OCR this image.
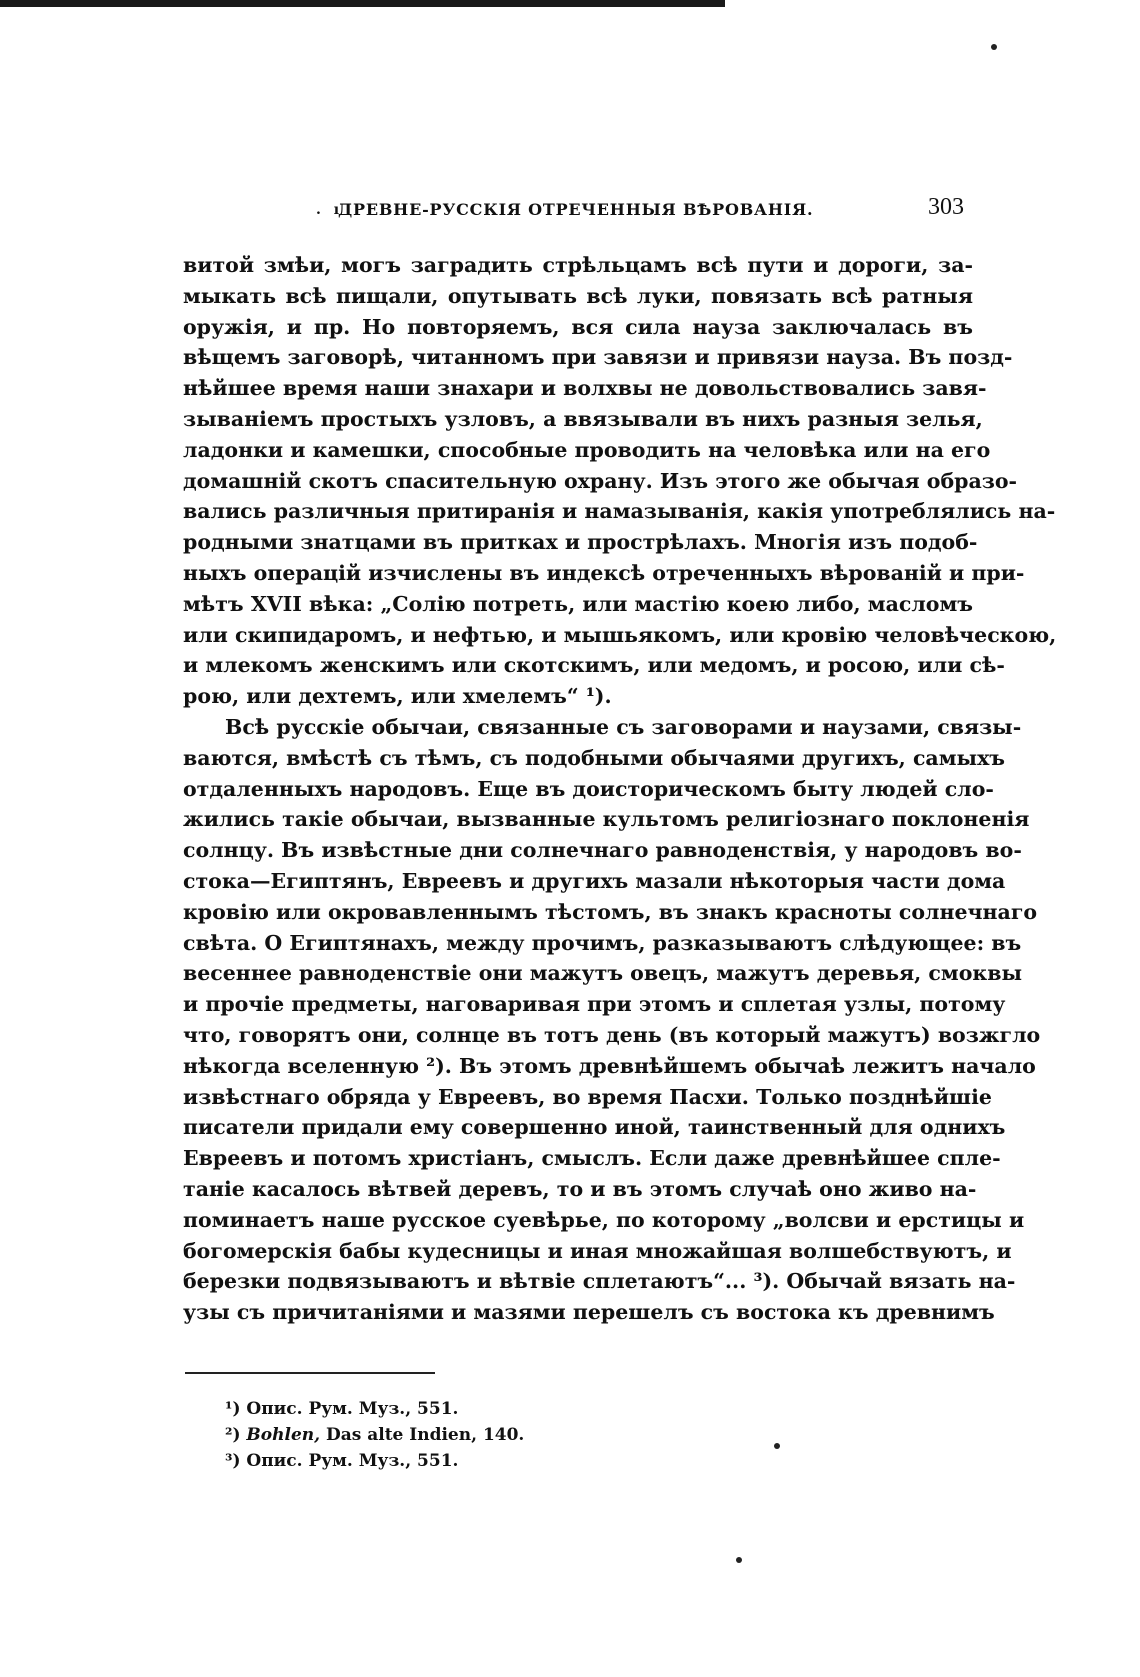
. ı
ДРЕВНЕ-РУССКІЯ ОТРЕЧЕННЫЯ ВѢРОВАНІЯ.	303
витой змѣи, могъ заградить стрѣльцамъ всѣ пути и дороги, за-
мыкать всѣ пищали, опутывать всѣ луки, повязать всѣ ратныя
оружія, и пр. Но повторяемъ, вся сила науза заключалась въ
вѣщемъ заговорѣ, читанномъ при завязи и привязи науза. Въ позд-
нѣйшее время наши знахари и волхвы не довольствовались завя-
зываніемъ простыхъ узловъ, а ввязывали въ нихъ разныя зелья,
ладонки и камешки, способные проводить на человѣка или на его
домашній скотъ спасительную охрану. Изъ этого же обычая образо-
вались различныя притиранія и намазыванія, какія употреблялись на-
родными знатцами въ притках и прострѣлахъ. Многія изъ подоб-
ныхъ операцій изчислены въ индексѣ отреченныхъ вѣрованій и при-
мѣтъ XVII вѣка: „Солію потреть, или мастію коею либо, масломъ
или скипидаромъ, и нефтью, и мышьякомъ, или кровію человѣческою,
и млекомъ женскимъ или скотскимъ, или медомъ, и росою, или сѣ-
рою, или дехтемъ, или хмелемъ“ ¹).
Всѣ русскіе обычаи, связанные съ заговорами и наузами, связы-
ваются, вмѣстѣ съ тѣмъ, съ подобными обычаями другихъ, самыхъ
отдаленныхъ народовъ. Еще въ доисторическомъ быту людей сло-
жились такіе обычаи, вызванные культомъ религіознаго поклоненія
солнцу. Въ извѣстные дни солнечнаго равноденствія, у народовъ во-
стока—Египтянъ, Евреевъ и другихъ мазали нѣкоторыя части дома
кровію или окровавленнымъ тѣстомъ, въ знакъ красноты солнечнаго
свѣта. О Египтянахъ, между прочимъ, разказываютъ слѣдующее: въ
весеннее равноденствіе они мажутъ овецъ, мажутъ деревья, смоквы
и прочіе предметы, наговаривая при этомъ и сплетая узлы, потому
что, говорятъ они, солнце въ тотъ день (въ который мажутъ) возжгло
нѣкогда вселенную ²). Въ этомъ древнѣйшемъ обычаѣ лежитъ начало
извѣстнаго обряда у Евреевъ, во время Пасхи. Только позднѣйшіе
писатели придали ему совершенно иной, таинственный для однихъ
Евреевъ и потомъ христіанъ, смыслъ. Если даже древнѣйшее спле-
таніе касалось вѣтвей деревъ, то и въ этомъ случаѣ оно живо на-
поминаетъ наше русское суевѣрье, по которому „волсви и ерстицы и
богомерскія бабы кудесницы и иная множайшая волшебствуютъ, и
березки подвязываютъ и вѣтвіе сплетаютъ“... ³). Обычай вязать на-
узы съ причитаніями и мазями перешелъ съ востока къ древнимъ
¹) Опис. Рум. Муз., 551.
²) Bohlen, Das alte Indien, 140.
³) Опис. Рум. Муз., 551.
